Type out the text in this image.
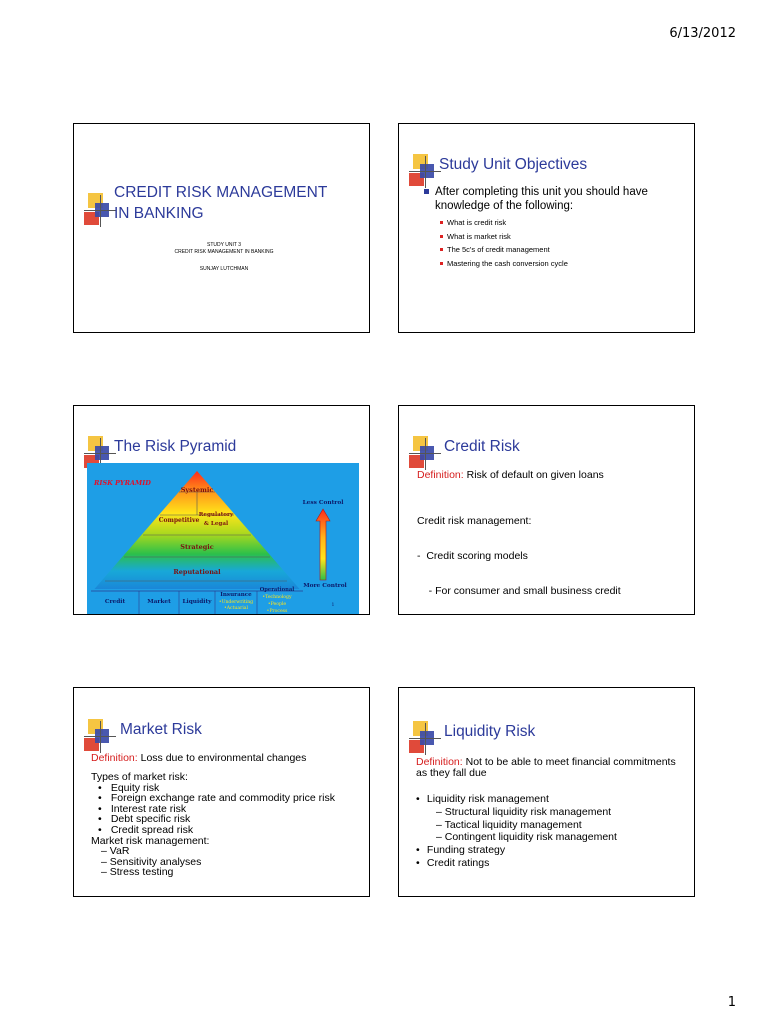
6/13/2012
CREDIT RISK MANAGEMENT
IN BANKING
STUDY UNIT 3
CREDIT RISK MANAGEMENT IN BANKING
SUNJAY LUTCHMAN
Study Unit Objectives
After completing this unit you should have knowledge of the following:
What is credit risk
What is market risk
The 5c's of credit management
Mastering the cash conversion cycle
The Risk Pyramid
RISK PYRAMID
Systemic
Competitive
Regulatory
& Legal
Strategic
Reputational
Credit	Market Liquidity
Insurance
•Underwriting
•Actuarial
Operational
•Technology
•People
•Process
Less Control
More Control
1
Credit Risk
Definition: Risk of default on given loans

Credit risk management:

-  Credit scoring models

- For consumer and small business credit

Market Risk
Definition: Loss due to environmental changes
Types of market risk:
• Equity risk
• Foreign exchange rate and commodity price risk
• Interest rate risk
• Debt specific risk
• Credit spread risk
Market risk management:
– VaR
– Sensitivity analyses
– Stress testing
Liquidity Risk
Definition: Not to be able to meet financial commitments as they fall due
• Liquidity risk management
– Structural liquidity risk management
– Tactical liquidity management
– Contingent liquidity risk management
• Funding strategy
• Credit ratings
1
